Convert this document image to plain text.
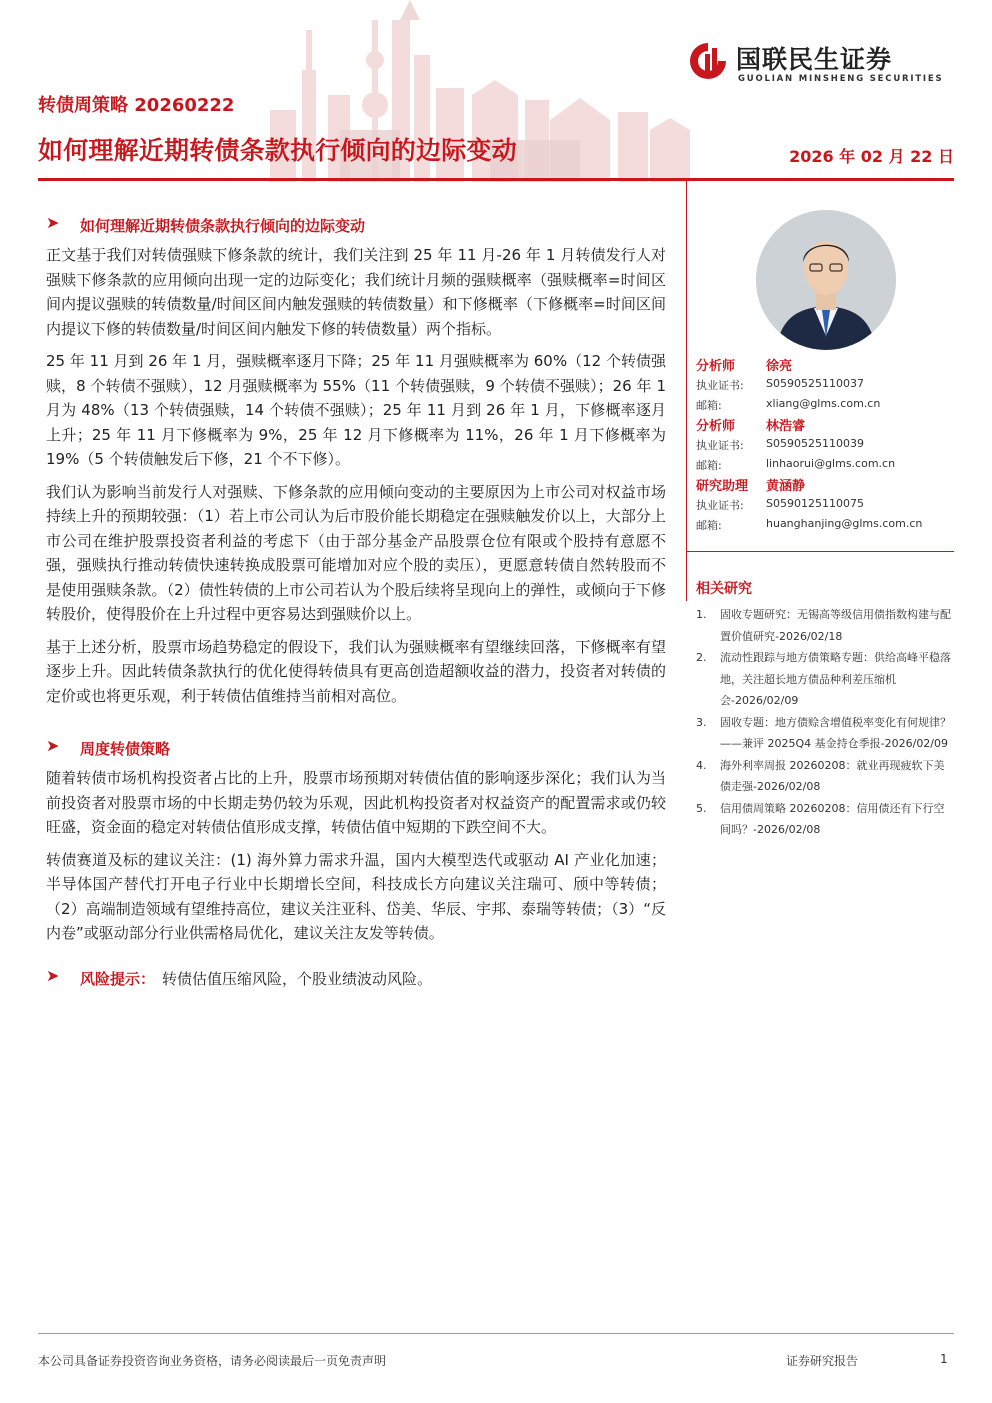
国联民生证券
GUOLIAN MINSHENG SECURITIES
转债周策略 20260222
如何理解近期转债条款执行倾向的边际变动	2026 年 02 月 22 日
➤ 如何理解近期转债条款执行倾向的边际变动

正文基于我们对转债强赎下修条款的统计，我们关注到 25 年 11 月-26 年 1 月转债发行人对强赎下修条款的应用倾向出现一定的边际变化；我们统计月频的强赎概率（强赎概率=时间区间内提议强赎的转债数量/时间区间内触发强赎的转债数量）和下修概率（下修概率=时间区间内提议下修的转债数量/时间区间内触发下修的转债数量）两个指标。

25 年 11 月到 26 年 1 月，强赎概率逐月下降；25 年 11 月强赎概率为 60%（12 个转债强赎，8 个转债不强赎），12 月强赎概率为 55%（11 个转债强赎，9 个转债不强赎）；26 年 1 月为 48%（13 个转债强赎，14 个转债不强赎）；25 年 11 月到 26 年 1 月，下修概率逐月上升；25 年 11 月下修概率为 9%，25 年 12 月下修概率为 11%，26 年 1 月下修概率为 19%（5 个转债触发后下修，21 个不下修）。

我们认为影响当前发行人对强赎、下修条款的应用倾向变动的主要原因为上市公司对权益市场持续上升的预期较强：（1）若上市公司认为后市股价能长期稳定在强赎触发价以上，大部分上市公司在维护股票投资者利益的考虑下（由于部分基金产品股票仓位有限或个股持有意愿不强，强赎执行推动转债快速转换成股票可能增加对应个股的卖压），更愿意转债自然转股而不是使用强赎条款。（2）债性转债的上市公司若认为个股后续将呈现向上的弹性，或倾向于下修转股价，使得股价在上升过程中更容易达到强赎价以上。

基于上述分析，股票市场趋势稳定的假设下，我们认为强赎概率有望继续回落，下修概率有望逐步上升。因此转债条款执行的优化使得转债具有更高创造超额收益的潜力，投资者对转债的定价或也将更乐观，利于转债估值维持当前相对高位。

➤ 周度转债策略

随着转债市场机构投资者占比的上升，股票市场预期对转债估值的影响逐步深化；我们认为当前投资者对股票市场的中长期走势仍较为乐观，因此机构投资者对权益资产的配置需求或仍较旺盛，资金面的稳定对转债估值形成支撑，转债估值中短期的下跌空间不大。

转债赛道及标的建议关注：(1) 海外算力需求升温，国内大模型迭代或驱动 AI 产业化加速；半导体国产替代打开电子行业中长期增长空间，科技成长方向建议关注瑞可、颀中等转债；（2）高端制造领域有望维持高位，建议关注亚科、岱美、华辰、宇邦、泰瑞等转债；（3）“反内卷”或驱动部分行业供需格局优化，建议关注友发等转债。

➤ 风险提示： 转债估值压缩风险，个股业绩波动风险。
分析师 徐亮
执业证书: S0590525110037
邮箱:	xliang@glms.com.cn
分析师 林浩睿
执业证书: S0590525110039
邮箱:	linhaorui@glms.com.cn
研究助理 黄涵静
执业证书: S0590125110075
邮箱:	huanghanjing@glms.com.cn
相关研究
1. 固收专题研究：无锡高等级信用债指数构建与配置价值研究-2026/02/18
2. 流动性跟踪与地方债策略专题：供给高峰平稳落地，关注超长地方债品种利差压缩机会-2026/02/09
3. 固收专题：地方债赊含增值税率变化有何规律？——兼评 2025Q4 基金持仓季报-2026/02/09
4. 海外利率周报 20260208：就业再现疲软下美债走强-2026/02/08
5. 信用债周策略 20260208：信用债还有下行空间吗？-2026/02/08
本公司具备证券投资咨询业务资格，请务必阅读最后一页免责声明	证券研究报告	1
